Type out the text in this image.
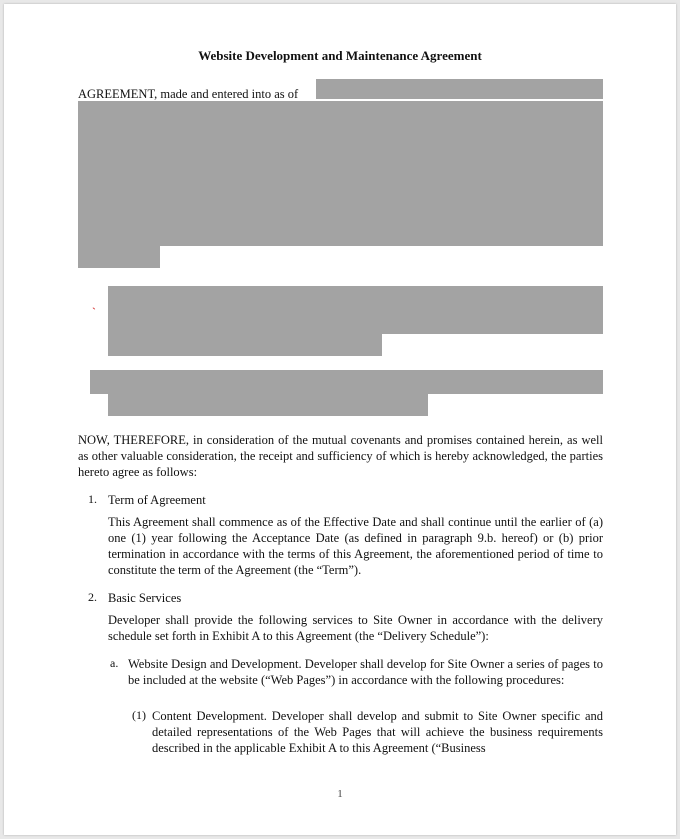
Website Development and Maintenance Agreement
AGREEMENT, made and entered into as of
ˎ
NOW, THEREFORE, in consideration of the mutual covenants and promises contained herein, as well as other valuable consideration, the receipt and sufficiency of which is hereby acknowledged, the parties hereto agree as follows:
1. Term of Agreement
This Agreement shall commence as of the Effective Date and shall continue until the earlier of (a) one (1) year following the Acceptance Date (as defined in paragraph 9.b. hereof) or (b) prior termination in accordance with the terms of this Agreement, the aforementioned period of time to constitute the term of the Agreement (the “Term”).
2. Basic Services
Developer shall provide the following services to Site Owner in accordance with the delivery schedule set forth in Exhibit A to this Agreement (the “Delivery Schedule”):
a. Website Design and Development. Developer shall develop for Site Owner a series of pages to be included at the website (“Web Pages”) in accordance with the following procedures:
(1) Content Development. Developer shall develop and submit to Site Owner specific and detailed representations of the Web Pages that will achieve the business requirements described in the applicable Exhibit A to this Agreement (“Business
1
